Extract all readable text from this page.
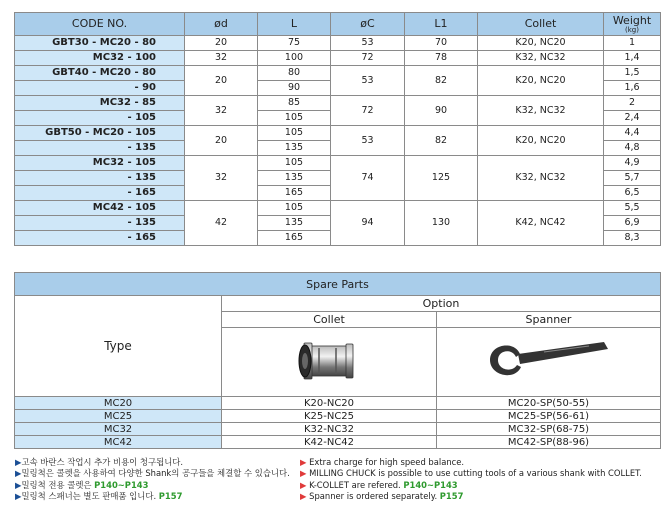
CODE NO.	ød	L	øC	L1	Collet	Weight
(kg)

GBT30 - MC20 - 80	20	75	53	70	K20, NC20	1
MC32 - 100	32	100	72	78	K32, NC32	1,4
GBT40 - MC20 - 80	20	80	53	82	K20, NC20	1,5
- 90		90				1,6
MC32 - 85	32	85	72	90	K32, NC32	2
- 105		105				2,4
GBT50 - MC20 - 105	20	105	53	82	K20, NC20	4,4
- 135		135				4,8
MC32 - 105	32	105	74	125	K32, NC32	4,9
- 135		135				5,7
- 165		165				6,5
MC42 - 105	42	105	94	130	K42, NC42	5,5
- 135		135				6,9
- 165		165				8,3
Spare Parts		
Type	Option	
	Collet	Spanner

MC20	K20-NC20	MC20-SP(50-55)
MC25	K25-NC25	MC25-SP(56-61)
MC32	K32-NC32	MC32-SP(68-75)
MC42	K42-NC42	MC42-SP(88-96)
▶고속 바란스 작업시 추가 비용이 청구됩니다.
▶밀링척은 콜렛을 사용하여 다양한 Shank의 공구들을 체결할 수 있습니다.
▶밀링척 전용 콜렛은 P140~P143
▶밀링척 스패너는 별도 판매품 입니다. P157
▶ Extra charge for high speed balance.
▶ MILLING CHUCK is possible to use cutting tools of a various shank with COLLET.
▶ K-COLLET are refered. P140~P143
▶ Spanner is ordered separately. P157
